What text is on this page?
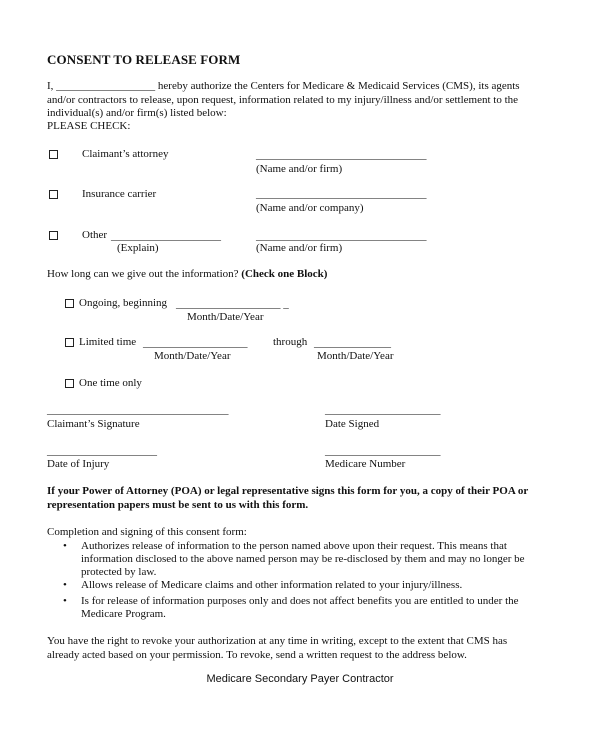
CONSENT TO RELEASE FORM
I, __________________ hereby authorize the Centers for Medicare & Medicaid Services (CMS), its agents
and/or contractors to release, upon request, information related to my injury/illness and/or settlement to the
individual(s) and/or firm(s) listed below:
PLEASE CHECK:
Claimant’s attorney	_______________________________
(Name and/or firm)
Insurance carrier	_______________________________
(Name and/or company)
Other ____________________
(Explain)
_______________________________
(Name and/or firm)
How long can we give out the information? (Check one Block)
Ongoing, beginning ___________________ _
Month/Date/Year
Limited time ___________________ through ______________
Month/Date/Year	Month/Date/Year
One time only
_________________________________
Claimant’s Signature
_____________________
Date Signed
____________________
Date of Injury
_____________________
Medicare Number
If your Power of Attorney (POA) or legal representative signs this form for you, a copy of their POA or
representation papers must be sent to us with this form.
Completion and signing of this consent form:
• Authorizes release of information to the person named above upon their request. This means that
information disclosed to the above named person may be re-disclosed by them and may no longer be
protected by law.
• Allows release of Medicare claims and other information related to your injury/illness.
• Is for release of information purposes only and does not affect benefits you are entitled to under the
Medicare Program.
You have the right to revoke your authorization at any time in writing, except to the extent that CMS has
already acted based on your permission. To revoke, send a written request to the address below.
Medicare Secondary Payer Contractor
